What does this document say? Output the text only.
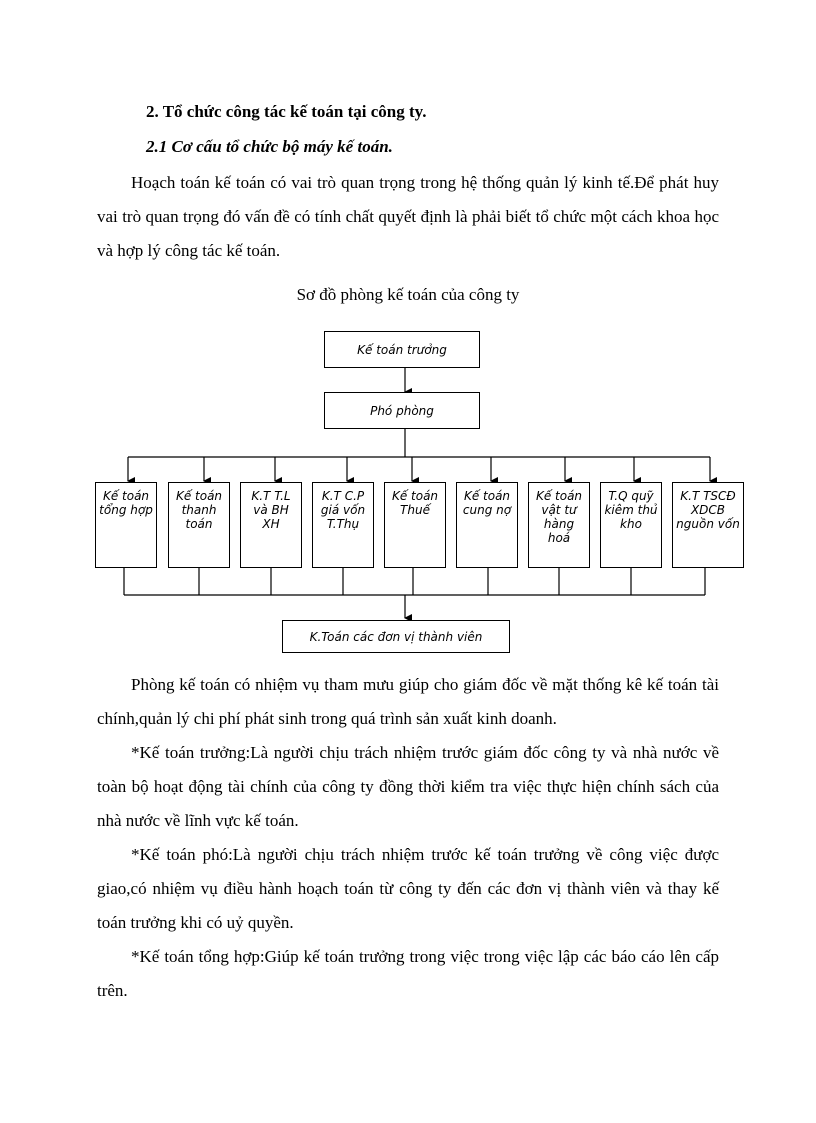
2. Tổ chức công tác kế toán tại công ty.
2.1 Cơ cấu tổ chức bộ máy kế toán.

Hoạch toán kế toán có vai trò quan trọng trong hệ thống quản lý kinh tế.Để phát huy vai trò quan trọng đó vấn đề có tính chất quyết định là phải biết tổ chức một cách khoa học và hợp lý công tác kế toán.

Sơ đồ phòng kế toán của công ty
Kế toán trưởng
Phó phòng
Kế toán tổng hợp
Kế toán thanh toán
K.T T.L và BH XH
K.T C.P giá vốn T.Thụ
Kế toán Thuế
Kế toán cung nợ
Kế toán vật tư hàng hoá
T.Q quỹ kiêm thủ kho
K.T TSCĐ XDCB nguồn vốn
K.Toán các đơn vị thành viên

Phòng kế toán có nhiệm vụ tham mưu giúp cho giám đốc về mặt thống kê kế toán tài chính,quản lý chi phí phát sinh trong quá trình sản xuất kinh doanh.

*Kế toán trưởng:Là người chịu trách nhiệm trước giám đốc công ty và nhà nước về toàn bộ hoạt động tài chính của công ty đồng thời kiểm tra việc thực hiện chính sách của nhà nước về lĩnh vực kế toán.

*Kế toán phó:Là người chịu trách nhiệm trước kế toán trưởng về công việc được giao,có nhiệm vụ điều hành hoạch toán từ công ty đến các đơn vị thành viên và thay kế toán trưởng khi có uỷ quyền.

*Kế toán tổng hợp:Giúp kế toán trưởng trong việc trong việc lập các báo cáo lên cấp trên.
